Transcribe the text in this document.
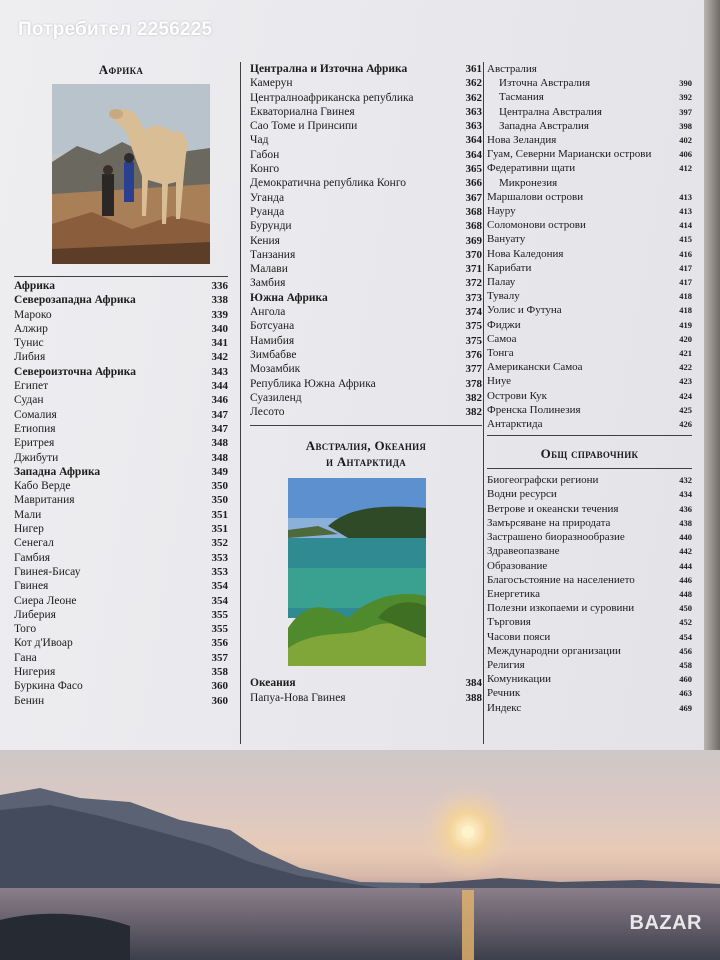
Африка
Африка	336
Северозападна Африка	338
Мароко	339
Алжир	340
Тунис	341
Либия	342
Североизточна Африка	343
Египет	344
Судан	346
Сомалия	347
Етиопия	347
Еритрея	348
Джибути	348
Западна Африка	349
Кабо Верде	350
Мавритания	350
Мали	351
Нигер	351
Сенегал	352
Гамбия	353
Гвинея-Бисау	353
Гвинея	354
Сиера Леоне	354
Либерия	355
Того	355
Кот д'Ивоар	356
Гана	357
Нигерия	358
Буркина Фасо	360
Бенин	360
Централна и Източна Африка	361
Камерун	362
Централноафриканска република	362
Екваториална Гвинея	363
Сао Томе и Принсипи	363
Чад	364
Габон	364
Конго	365
Демократична република Конго	366
Уганда	367
Руанда	368
Бурунди	368
Кения	369
Танзания	370
Малави	371
Замбия	372
Южна Африка	373
Ангола	374
Ботсуана	375
Намибия	375
Зимбабве	376
Мозамбик	377
Република Южна Африка	378
Суазиленд	382
Лесото	382
Австралия, Океания
и Антарктида
Океания	384
Папуа-Нова Гвинея	388
Австралия
Източна Австралия	390
Тасмания	392
Централна Австралия	397
Западна Австралия	398
Нова Зеландия	402
Гуам, Северни Мариански острови	406
Федеративни щати	412
Микронезия
Маршалови острови	413
Науру	413
Соломонови острови	414
Вануату	415
Нова Каледония	416
Карибати	417
Палау	417
Тувалу	418
Уолис и Футуна	418
Фиджи	419
Самоа	420
Тонга	421
Американски Самоа	422
Ниуе	423
Острови Кук	424
Френска Полинезия	425
Антарктида	426
Общ справочник
Биогеографски региони	432
Водни ресурси	434
Ветрове и океански течения	436
Замърсяване на природата	438
Застрашено биоразнообразие	440
Здравеопазване	442
Образование	444
Благосъстояние на населението	446
Енергетика	448
Полезни изкопаеми и суровини	450
Търговия	452
Часови пояси	454
Международни организации	456
Религия	458
Комуникации	460
Речник	463
Индекс	469
Потребител 2256225
BAZAR
